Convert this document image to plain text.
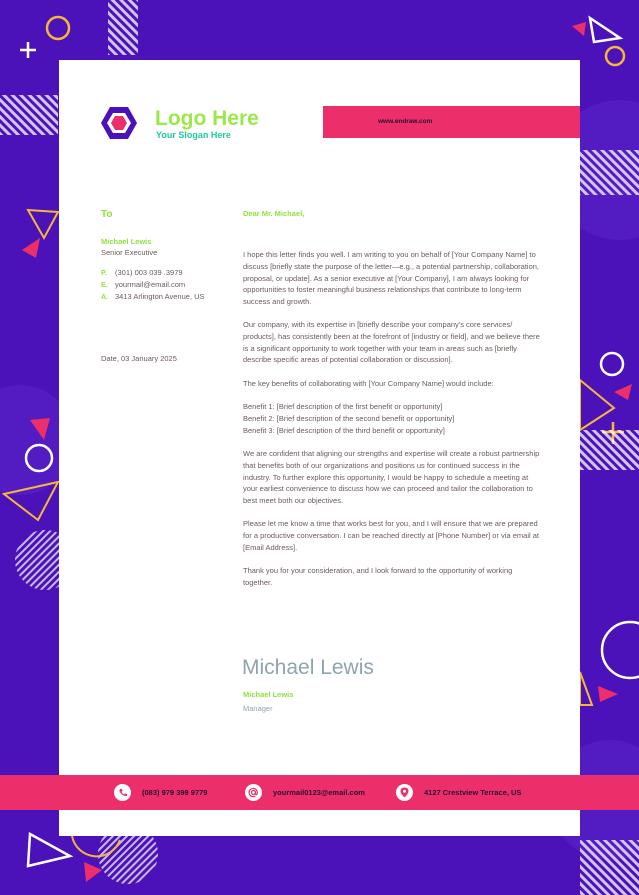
Logo Here
Your Slogan Here
www.endraw.com
To
Michael Lewis
Senior Executive
P. (301) 003 039 .3979
E. yourmail@email.com
A. 3413 Arlington Avenue, US
Date, 03 January 2025
Dear Mr. Michael,

I hope this letter finds you well. I am writing to you on behalf of [Your Company Name] to discuss [briefly state the purpose of the letter—e.g., a potential partnership, collaboration, proposal, or update]. As a senior executive at [Your Company], I am always looking for opportunities to foster meaningful business relationships that contribute to long-term success and growth.

Our company, with its expertise in [briefly describe your company's core services/ products], has consistently been at the forefront of [industry or field], and we believe there is a significant opportunity to work together with your team in areas such as [briefly describe specific areas of potential collaboration or discussion].

The key benefits of collaborating with [Your Company Name] would include:

Benefit 1: [Brief description of the first benefit or opportunity]
Benefit 2: [Brief description of the second benefit or opportunity]
Benefit 3: [Brief description of the third benefit or opportunity]

We are confident that aligning our strengths and expertise will create a robust partnership that benefits both of our organizations and positions us for continued success in the industry. To further explore this opportunity, I would be happy to schedule a meeting at your earliest convenience to discuss how we can proceed and tailor the collaboration to best meet both our objectives.

Please let me know a time that works best for you, and I will ensure that we are prepared for a productive conversation. I can be reached directly at [Phone Number] or via email at [Email Address].

Thank you for your consideration, and I look forward to the opportunity of working together.

Michael Lewis
Michael Lewis
Manager
(083) 979 399 9779	yourmail0123@email.com	4127 Crestview Terrace, US
